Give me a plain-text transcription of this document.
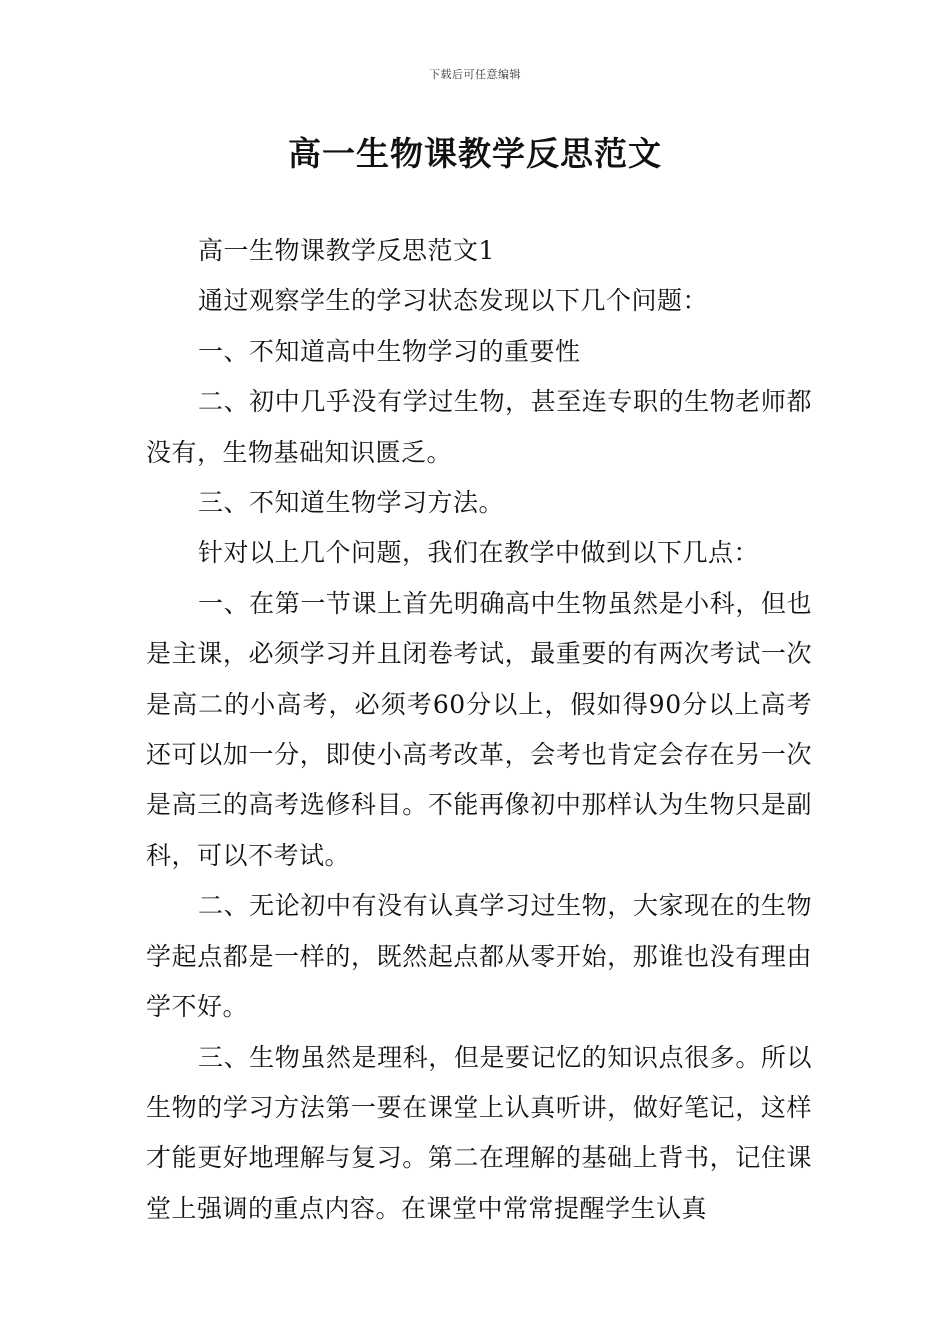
下载后可任意编辑
高一生物课教学反思范文

高一生物课教学反思范文1

通过观察学生的学习状态发现以下几个问题：

一、不知道高中生物学习的重要性

二、初中几乎没有学过生物，甚至连专职的生物老师都没有，生物基础知识匮乏。

三、不知道生物学习方法。

针对以上几个问题，我们在教学中做到以下几点：

一、在第一节课上首先明确高中生物虽然是小科，但也是主课，必须学习并且闭卷考试，最重要的有两次考试一次是高二的小高考，必须考60分以上，假如得90分以上高考还可以加一分，即使小高考改革，会考也肯定会存在另一次是高三的高考选修科目。不能再像初中那样认为生物只是副科，可以不考试。

二、无论初中有没有认真学习过生物，大家现在的生物学起点都是一样的，既然起点都从零开始，那谁也没有理由学不好。

三、生物虽然是理科，但是要记忆的知识点很多。所以生物的学习方法第一要在课堂上认真听讲，做好笔记，这样才能更好地理解与复习。第二在理解的基础上背书，记住课堂上强调的重点内容。在课堂中常常提醒学生认真
